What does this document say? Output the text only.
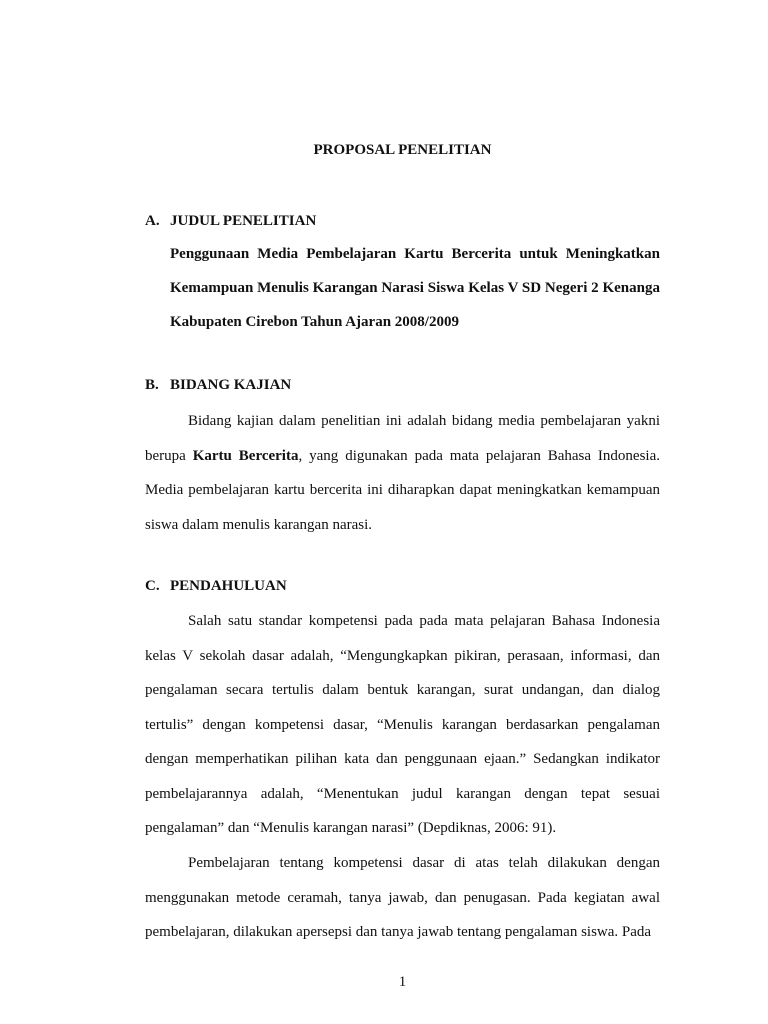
PROPOSAL PENELITIAN
A. JUDUL PENELITIAN
Penggunaan Media Pembelajaran Kartu Bercerita untuk Meningkatkan Kemampuan Menulis Karangan Narasi Siswa Kelas V SD Negeri 2 Kenanga Kabupaten Cirebon Tahun Ajaran 2008/2009
B. BIDANG KAJIAN
Bidang kajian dalam penelitian ini adalah bidang media pembelajaran yakni berupa Kartu Bercerita, yang digunakan pada mata pelajaran Bahasa Indonesia. Media pembelajaran kartu bercerita ini diharapkan dapat meningkatkan kemampuan siswa dalam menulis karangan narasi.
C. PENDAHULUAN
Salah satu standar kompetensi pada pada mata pelajaran Bahasa Indonesia kelas V sekolah dasar adalah, “Mengungkapkan pikiran, perasaan, informasi, dan pengalaman secara tertulis dalam bentuk karangan, surat undangan, dan dialog tertulis” dengan kompetensi dasar, “Menulis karangan berdasarkan pengalaman dengan memperhatikan pilihan kata dan penggunaan ejaan.” Sedangkan indikator pembelajarannya adalah, “Menentukan judul karangan dengan tepat sesuai pengalaman” dan “Menulis karangan narasi” (Depdiknas, 2006: 91).
Pembelajaran tentang kompetensi dasar di atas telah dilakukan dengan menggunakan metode ceramah, tanya jawab, dan penugasan. Pada kegiatan awal pembelajaran, dilakukan apersepsi dan tanya jawab tentang pengalaman siswa. Pada
1
